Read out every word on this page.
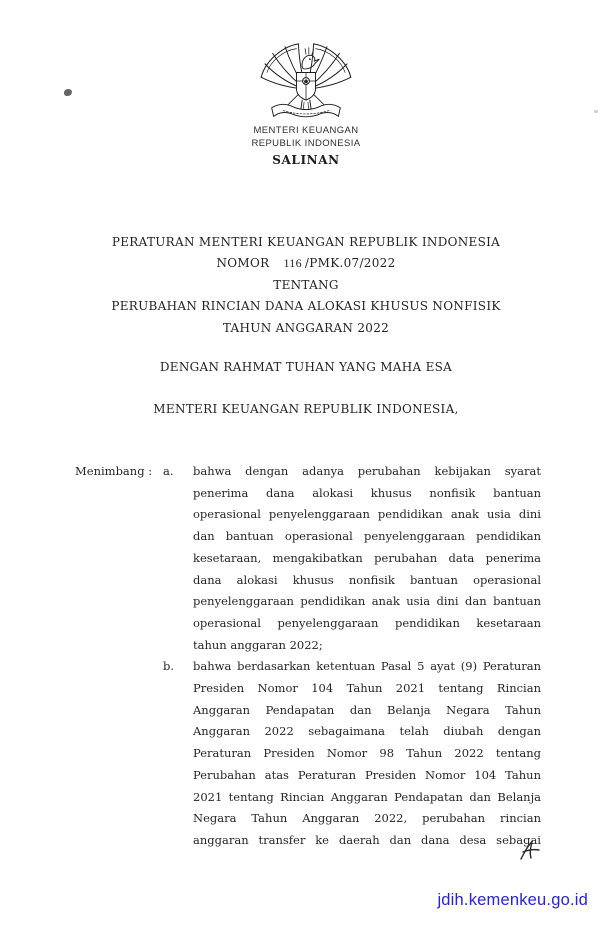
MENTERI KEUANGAN
REPUBLIK INDONESIA
SALINAN
PERATURAN MENTERI KEUANGAN REPUBLIK INDONESIA
NOMOR 116 /PMK.07/2022
TENTANG
PERUBAHAN RINCIAN DANA ALOKASI KHUSUS NONFISIK
TAHUN ANGGARAN 2022
DENGAN RAHMAT TUHAN YANG MAHA ESA
MENTERI KEUANGAN REPUBLIK INDONESIA,
Menimbang : a.	bahwa dengan adanya perubahan kebijakan syarat
penerima dana alokasi khusus nonfisik bantuan
operasional penyelenggaraan pendidikan anak usia dini
dan bantuan operasional penyelenggaraan pendidikan
kesetaraan, mengakibatkan perubahan data penerima
dana alokasi khusus nonfisik bantuan operasional
penyelenggaraan pendidikan anak usia dini dan bantuan
operasional penyelenggaraan pendidikan kesetaraan
tahun anggaran 2022;
b.	bahwa berdasarkan ketentuan Pasal 5 ayat (9) Peraturan
Presiden Nomor 104 Tahun 2021 tentang Rincian
Anggaran Pendapatan dan Belanja Negara Tahun
Anggaran 2022 sebagaimana telah diubah dengan
Peraturan Presiden Nomor 98 Tahun 2022 tentang
Perubahan atas Peraturan Presiden Nomor 104 Tahun
2021 tentang Rincian Anggaran Pendapatan dan Belanja
Negara Tahun Anggaran 2022, perubahan rincian
anggaran transfer ke daerah dan dana desa sebagai
jdih.kemenkeu.go.id
